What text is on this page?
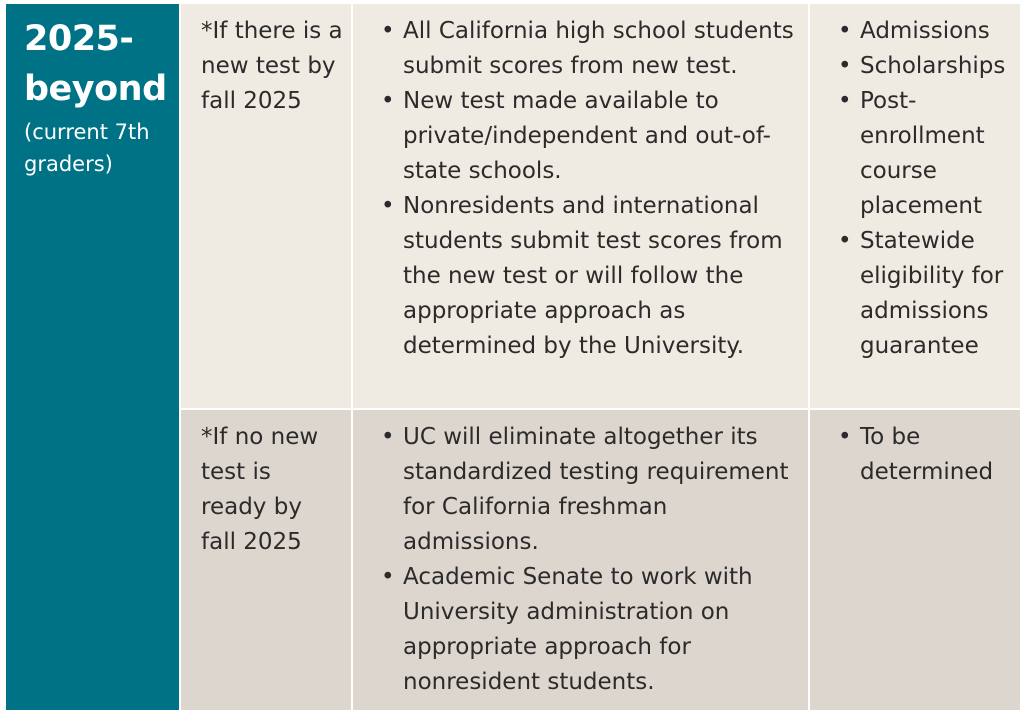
2025-
beyond
(current 7th
graders)
*If there is a new test by fall 2025
• All California high school students submit scores from new test.
• New test made available to private/independent and out-of-state schools.
• Nonresidents and international students submit test scores from the new test or will follow the appropriate approach as determined by the University.
• Admissions
• Scholarships
• Post-enrollment course placement
• Statewide eligibility for admissions guarantee
*If no new test is ready by fall 2025
• UC will eliminate altogether its standardized testing requirement for California freshman admissions.
• Academic Senate to work with University administration on appropriate approach for nonresident students.
• To be determined
